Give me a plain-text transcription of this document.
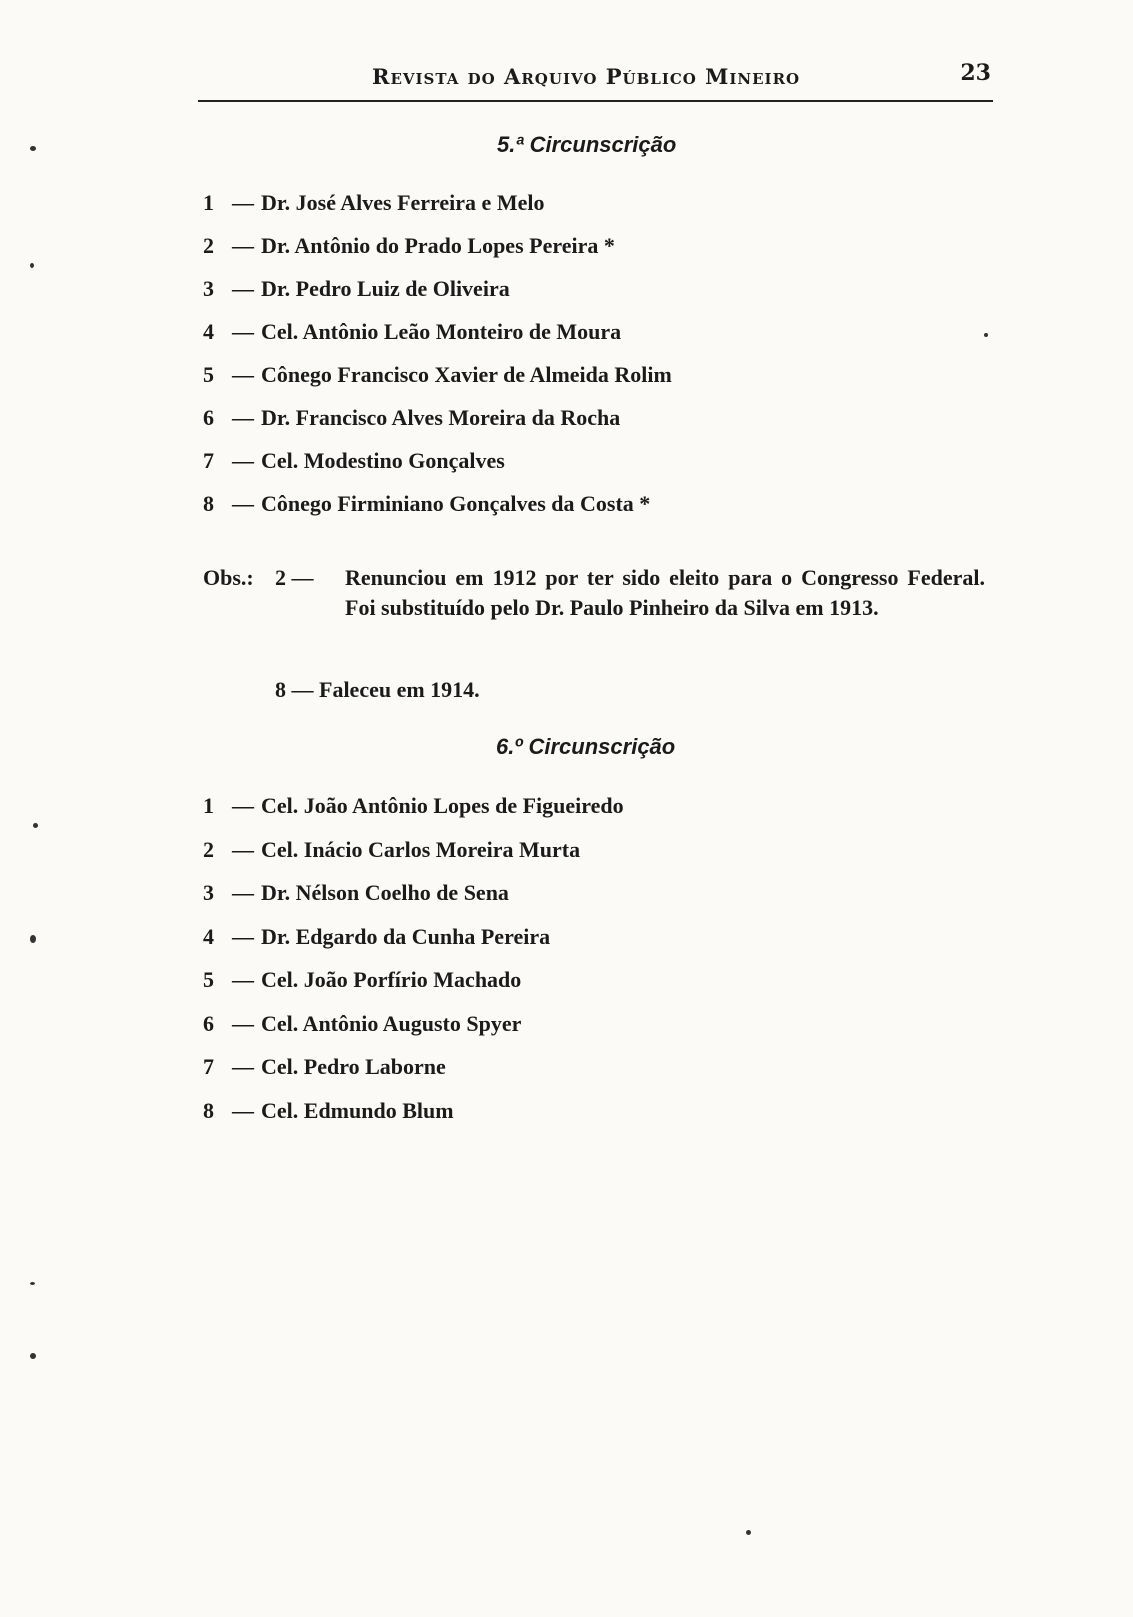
Revista do Arquivo Público Mineiro	23
5.ª Circunscrição
1 — Dr. José Alves Ferreira e Melo
2 — Dr. Antônio do Prado Lopes Pereira *
3 — Dr. Pedro Luiz de Oliveira
4 — Cel. Antônio Leão Monteiro de Moura
5 — Cônego Francisco Xavier de Almeida Rolim
6 — Dr. Francisco Alves Moreira da Rocha
7 — Cel. Modestino Gonçalves
8 — Cônego Firminiano Gonçalves da Costa *
Obs.: 2 — Renunciou em 1912 por ter sido eleito para o Congresso Federal. Foi substituído pelo Dr. Paulo Pinheiro da Silva em 1913.
8 — Faleceu em 1914.
6.º Circunscrição
1 — Cel. João Antônio Lopes de Figueiredo
2 — Cel. Inácio Carlos Moreira Murta
3 — Dr. Nélson Coelho de Sena
4 — Dr. Edgardo da Cunha Pereira
5 — Cel. João Porfírio Machado
6 — Cel. Antônio Augusto Spyer
7 — Cel. Pedro Laborne
8 — Cel. Edmundo Blum
